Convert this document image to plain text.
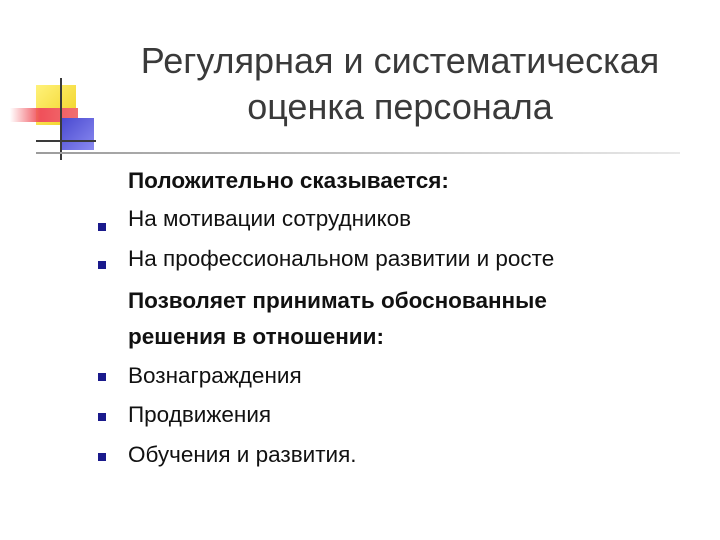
Регулярная и систематическая
оценка персонала
Положительно сказывается:
На мотивации сотрудников
На профессиональном развитии и росте
Позволяет принимать обоснованные
решения в отношении:
Вознаграждения
Продвижения
Обучения и развития.
